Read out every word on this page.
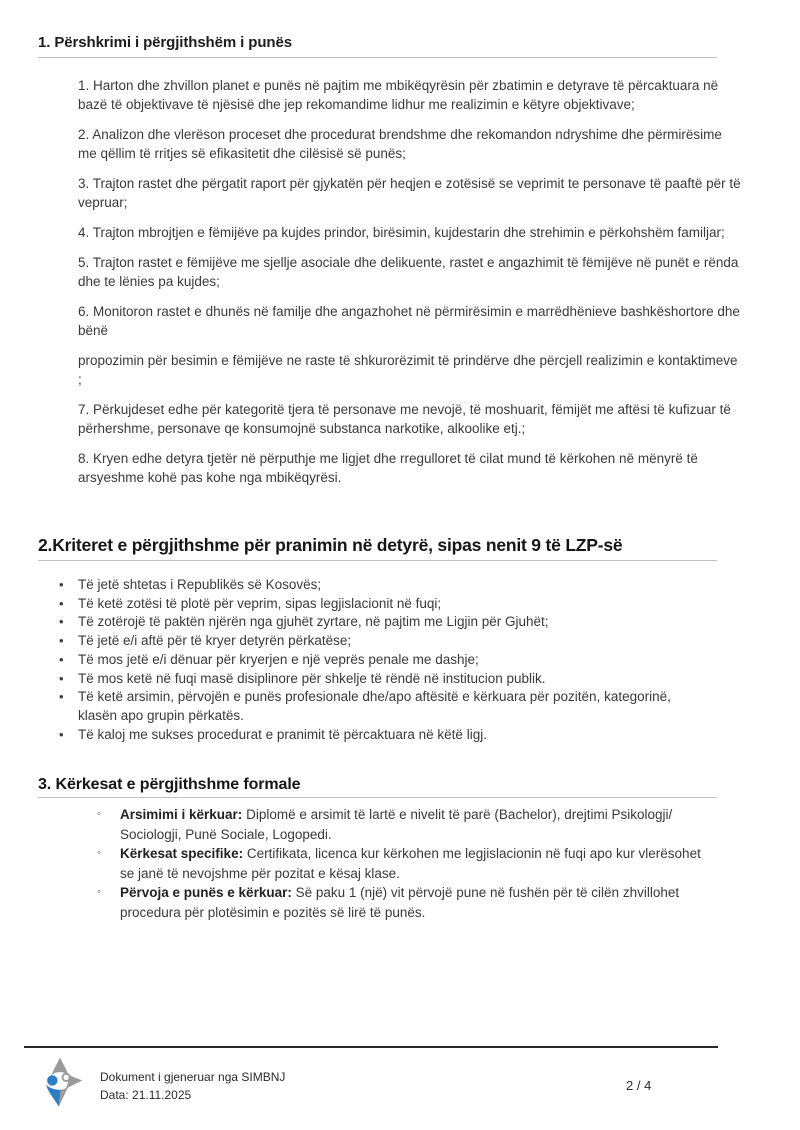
1. Përshkrimi i përgjithshëm i punës

1. Harton dhe zhvillon planet e punës në pajtim me mbikëqyrësin për zbatimin e detyrave të përcaktuara në bazë të objektivave të njësisë dhe jep rekomandime lidhur me realizimin e këtyre objektivave;

2. Analizon dhe vlerëson proceset dhe procedurat brendshme dhe rekomandon ndryshime dhe përmirësime me qëllim të rritjes së efikasitetit dhe cilësisë së punës;

3. Trajton rastet dhe përgatit raport për gjykatën për heqjen e zotësisë se veprimit te personave të paaftë për të vepruar;

4. Trajton mbrojtjen e fëmijëve pa kujdes prindor, birësimin, kujdestarin dhe strehimin e përkohshëm familjar;

5. Trajton rastet e fëmijëve me sjellje asociale dhe delikuente, rastet e angazhimit të fëmijëve në punët e rënda dhe te lënies pa kujdes;

6. Monitoron rastet e dhunës në familje dhe angazhohet në përmirësimin e marrëdhënieve bashkëshortore dhe bënë

propozimin për besimin e fëmijëve ne raste të shkurorëzimit të prindërve dhe përcjell realizimin e kontaktimeve ;

7. Përkujdeset edhe për kategoritë tjera të personave me nevojë, të moshuarit, fëmijët me aftësi të kufizuar të përhershme, personave qe konsumojnë substanca narkotike, alkoolike etj.;

8. Kryen edhe detyra tjetër në përputhje me ligjet dhe rregulloret të cilat mund të kërkohen në mënyrë të arsyeshme kohë pas kohe nga mbikëqyrësi.

2.Kriteret e përgjithshme për pranimin në detyrë, sipas nenit 9 të LZP-së
•	Të jetë shtetas i Republikës së Kosovës;
•	Të ketë zotësi të plotë për veprim, sipas legjislacionit në fuqi;
•	Të zotërojë të paktën njërën nga gjuhët zyrtare, në pajtim me Ligjin për Gjuhët;
•	Të jetë e/i aftë për të kryer detyrën përkatëse;
•	Të mos jetë e/i dënuar për kryerjen e një veprës penale me dashje;
•	Të mos ketë në fuqi masë disiplinore për shkelje të rëndë në institucion publik.
•	Të ketë arsimin, përvojën e punës profesionale dhe/apo aftësitë e kërkuara për pozitën, kategorinë, klasën apo grupin përkatës.
•	Të kaloj me sukses procedurat e pranimit të përcaktuara në këtë ligj.
3. Kërkesat e përgjithshme formale
◦	Arsimimi i kërkuar: Diplomë e arsimit të lartë e nivelit të parë (Bachelor), drejtimi Psikologji/ Sociologji, Punë Sociale, Logopedi.
◦	Kërkesat specifike: Certifikata, licenca kur kërkohen me legjislacionin në fuqi apo kur vlerësohet se janë të nevojshme për pozitat e kësaj klase.
◦	Përvoja e punës e kërkuar: Së paku 1 (një) vit përvojë pune në fushën për të cilën zhvillohet procedura për plotësimin e pozitës së lirë të punës.
Dokument i gjeneruar nga SIMBNJ
Data: 21.11.2025
2 / 4
